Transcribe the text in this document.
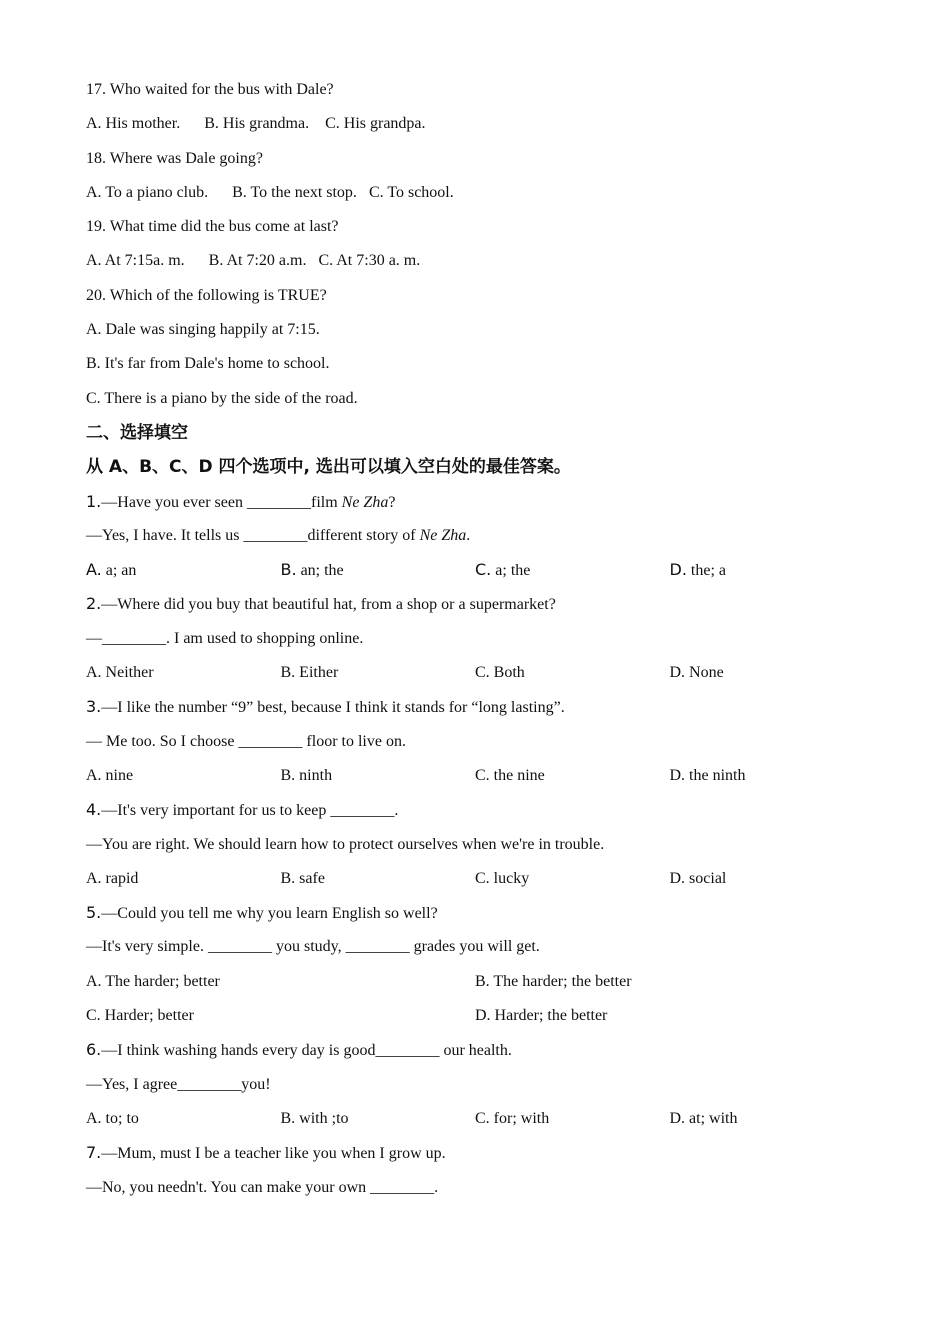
17. Who waited for the bus with Dale?
A. His mother. B. His grandma. C. His grandpa.
18. Where was Dale going?
A. To a piano club. B. To the next stop. C. To school.
19. What time did the bus come at last?
A. At 7:15a. m. B. At 7:20 a.m. C. At 7:30 a. m.
20. Which of the following is TRUE?
A. Dale was singing happily at 7:15.
B. It's far from Dale's home to school.
C. There is a piano by the side of the road.
二、选择填空
从 A、B、C、D 四个选项中, 选出可以填入空白处的最佳答案。
1.—Have you ever seen ________film Ne Zha?
—Yes, I have. It tells us ________different story of Ne Zha.
A. a; an	B. an; the	C. a; the	D. the; a
2.—Where did you buy that beautiful hat, from a shop or a supermarket?
—________. I am used to shopping online.
A. Neither	B. Either	C. Both	D. None
3.—I like the number “9” best, because I think it stands for “long lasting”.
— Me too. So I choose ________ floor to live on.
A. nine	B. ninth	C. the nine	D. the ninth
4.—It's very important for us to keep ________.
—You are right. We should learn how to protect ourselves when we're in trouble.
A. rapid	B. safe	C. lucky	D. social
5.—Could you tell me why you learn English so well?
—It's very simple. ________ you study, ________ grades you will get.
A. The harder; better	B. The harder; the better
C. Harder; better	D. Harder; the better
6.—I think washing hands every day is good________ our health.
—Yes, I agree________you!
A. to; to	B. with ;to	C. for; with	D. at; with
7.—Mum, must I be a teacher like you when I grow up.
—No, you needn't. You can make your own ________.
